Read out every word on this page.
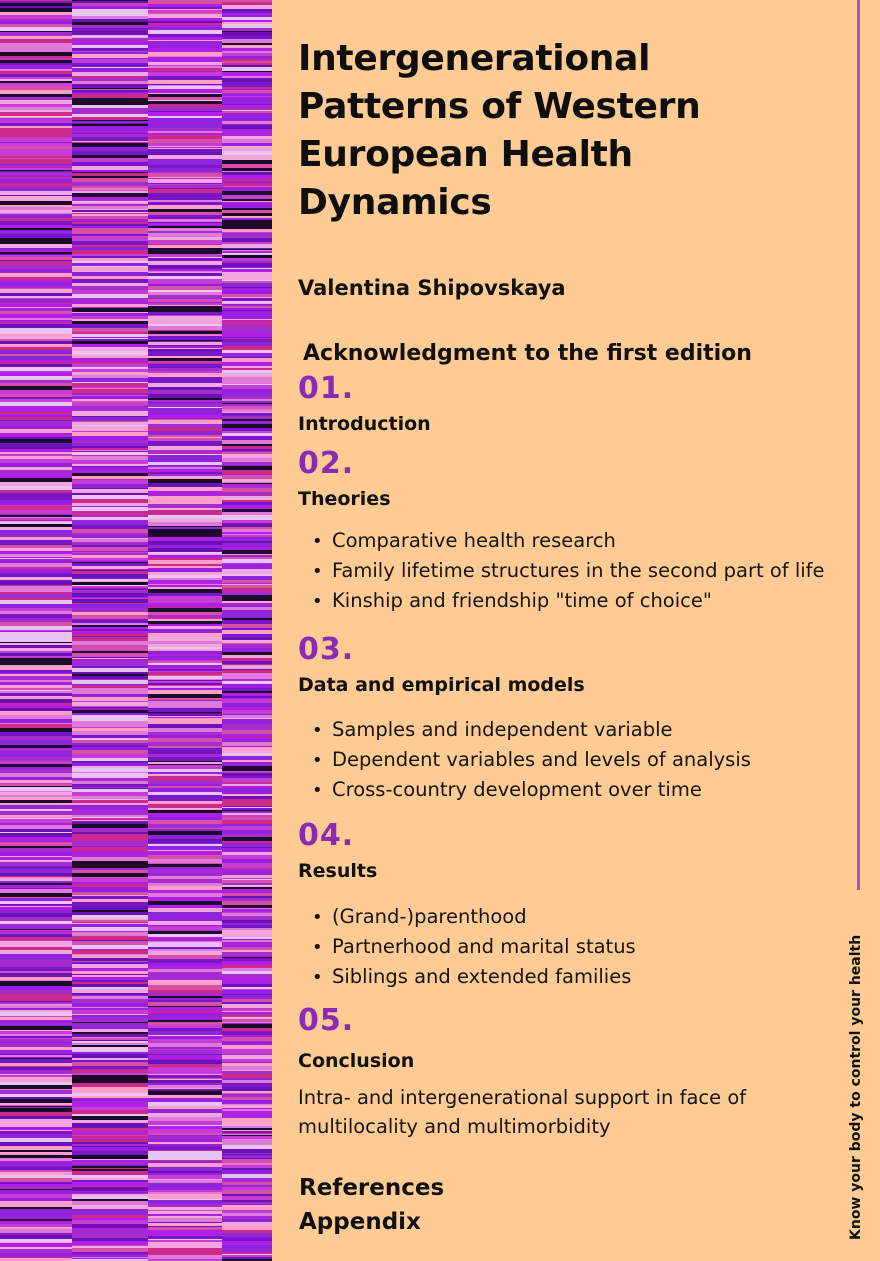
Know your body to control your health
Intergenerational Patterns of Western European Health Dynamics
Valentina Shipovskaya
Acknowledgment to the first edition
01.
Introduction
02.
Theories
• Comparative health research
• Family lifetime structures in the second part of life
• Kinship and friendship "time of choice"
03.
Data and empirical models
• Samples and independent variable
• Dependent variables and levels of analysis
• Cross-country development over time
04.
Results
• (Grand-)parenthood
• Partnerhood and marital status
• Siblings and extended families
05.
Conclusion

Intra- and intergenerational support in face of multilocality and multimorbidity

References
Appendix
